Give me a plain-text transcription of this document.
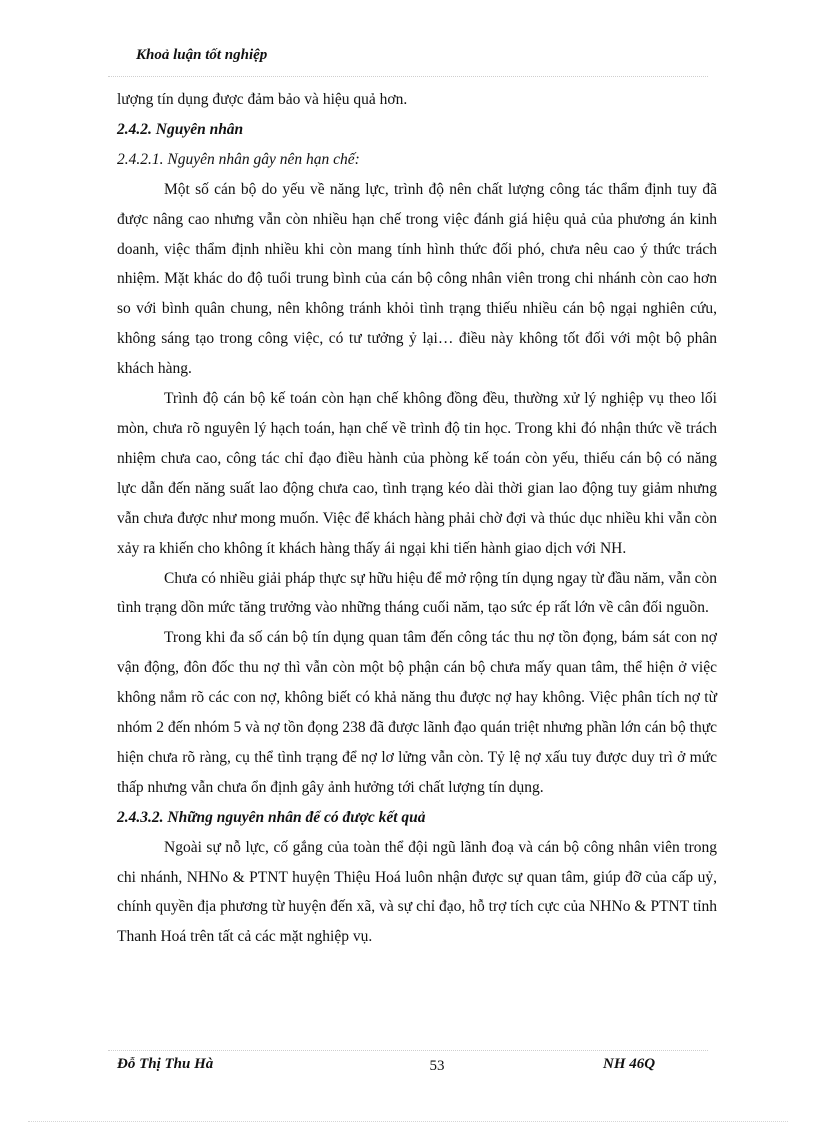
Khoả luận tốt nghiệp

lượng tín dụng được đảm bảo và hiệu quả hơn.

2.4.2. Nguyên nhân

2.4.2.1. Nguyên nhân gây nên hạn chế:

Một số cán bộ do yếu về năng lực, trình độ nên chất lượng công tác thẩm định tuy đã được nâng cao nhưng vẫn còn nhiều hạn chế trong việc đánh giá hiệu quả của phương án kinh doanh, việc thẩm định nhiều khi còn mang tính hình thức đối phó, chưa nêu cao ý thức trách nhiệm. Mặt khác do độ tuổi trung bình của cán bộ công nhân viên trong chi nhánh còn cao hơn so với bình quân chung, nên không tránh khỏi tình trạng thiếu nhiều cán bộ ngại nghiên cứu, không sáng tạo trong công việc, có tư tưởng ỷ lại… điều này không tốt đối với một bộ phân khách hàng.

Trình độ cán bộ kế toán còn hạn chế không đồng đều, thường xử lý nghiệp vụ theo lối mòn, chưa rõ nguyên lý hạch toán, hạn chế về trình độ tin học. Trong khi đó nhận thức về trách nhiệm chưa cao, công tác chỉ đạo điều hành của phòng kế toán còn yếu, thiếu cán bộ có năng lực dẫn đến năng suất lao động chưa cao, tình trạng kéo dài thời gian lao động tuy giảm nhưng vẫn chưa được như mong muốn. Việc để khách hàng phải chờ đợi và thúc dục nhiều khi vẫn còn xảy ra khiến cho không ít khách hàng thấy ái ngại khi tiến hành giao dịch với NH.

Chưa có nhiều giải pháp thực sự hữu hiệu để mở rộng tín dụng ngay từ đầu năm, vẫn còn tình trạng dồn mức tăng trưởng vào những tháng cuối năm, tạo sức ép rất lớn về cân đối nguồn.

Trong khi đa số cán bộ tín dụng quan tâm đến công tác thu nợ tồn đọng, bám sát con nợ vận động, đôn đốc thu nợ thì vẫn còn một bộ phận cán bộ chưa mấy quan tâm, thể hiện ở việc không nắm rõ các con nợ, không biết có khả năng thu được nợ hay không. Việc phân tích nợ từ nhóm 2 đến nhóm 5 và nợ tồn đọng 238 đã được lãnh đạo quán triệt nhưng phần lớn cán bộ thực hiện chưa rõ ràng, cụ thể tình trạng để nợ lơ lửng vẫn còn. Tỷ lệ nợ xấu tuy được duy trì ở mức thấp nhưng vẫn chưa ổn định gây ảnh hưởng tới chất lượng tín dụng.

2.4.3.2. Những nguyên nhân để có được kết quả

Ngoài sự nỗ lực, cố gắng của toàn thể đội ngũ lãnh đoạ và cán bộ công nhân viên trong chi nhánh, NHNo & PTNT huyện Thiệu Hoá luôn nhận được sự quan tâm, giúp đỡ của cấp uỷ, chính quyền địa phương từ huyện đến xã, và sự chỉ đạo, hỗ trợ tích cực của NHNo & PTNT tỉnh Thanh Hoá trên tất cả các mặt nghiệp vụ.

Đỗ Thị Thu Hà	53	NH 46Q
